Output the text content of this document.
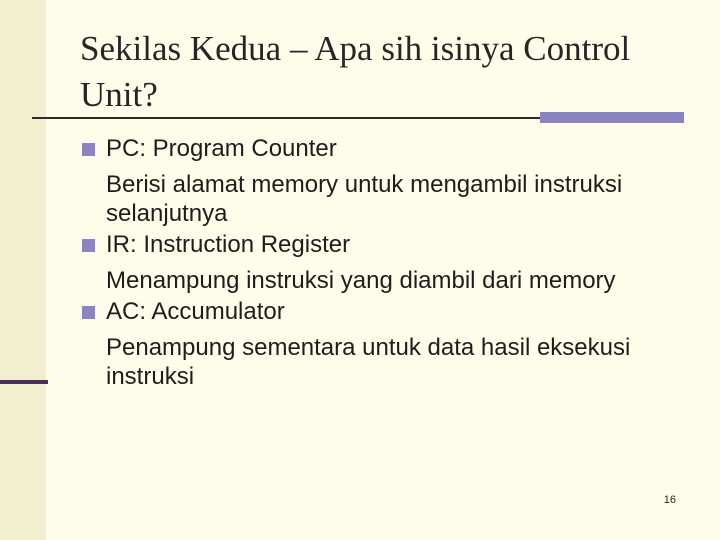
Sekilas Kedua – Apa sih isinya Control Unit?
PC: Program Counter
Berisi alamat memory untuk mengambil instruksi selanjutnya
IR: Instruction Register
Menampung instruksi yang diambil dari memory
AC: Accumulator
Penampung sementara untuk data hasil eksekusi instruksi
16
